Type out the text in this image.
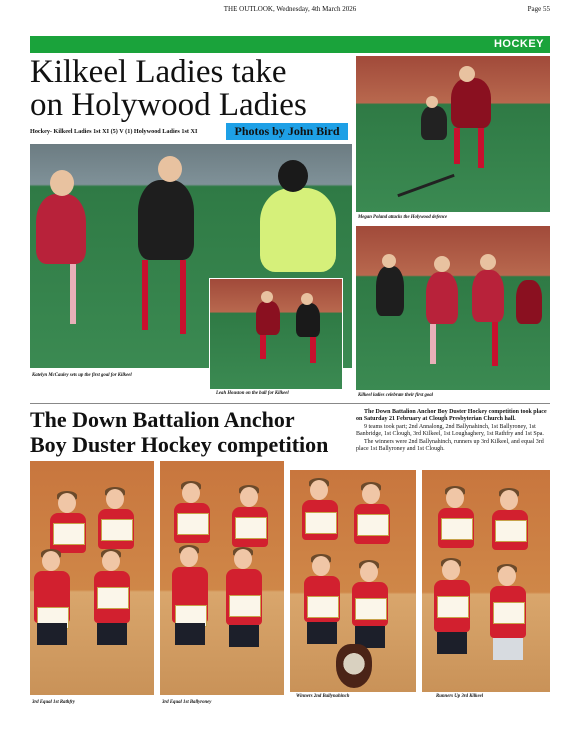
THE OUTLOOK, Wednesday, 4th March 2026	Page 55
HOCKEY
Kilkeel Ladies take
on Holywood Ladies
Hockey- Kilkeel Ladies 1st XI (5) V (1) Holywood Ladies 1st XI	Photos by John Bird
Megan Poland attacks the Holywood defence
Katelyn McCauley sets up the first goal for Kilkeel
Leah Houston on the ball for Kilkeel	Kilkeel ladies celebrate their first goal
The Down Battalion Anchor
Boy Duster Hockey competition

The Down Battalion Anchor Boy Duster Hockey competition took place on Saturday 21 February at Clough Presbyterian Church hall.

9 teams took part; 2nd Annalong, 2nd Ballynahinch, 1st Ballyroney, 1st Banbridge, 1st Clough, 3rd Kilkeel, 1st Loughaghery, 1st Rathfry and 1st Spa.

The winners were 2nd Ballynahinch, runners up 3rd Kilkeel, and equal 3rd place 1st Ballyroney and 1st Clough.

3rd Equal 1st Rathfry	3rd Equal 1st Ballyroney
Winners 2nd Ballynahinch	Runners Up 3rd Kilkeel
